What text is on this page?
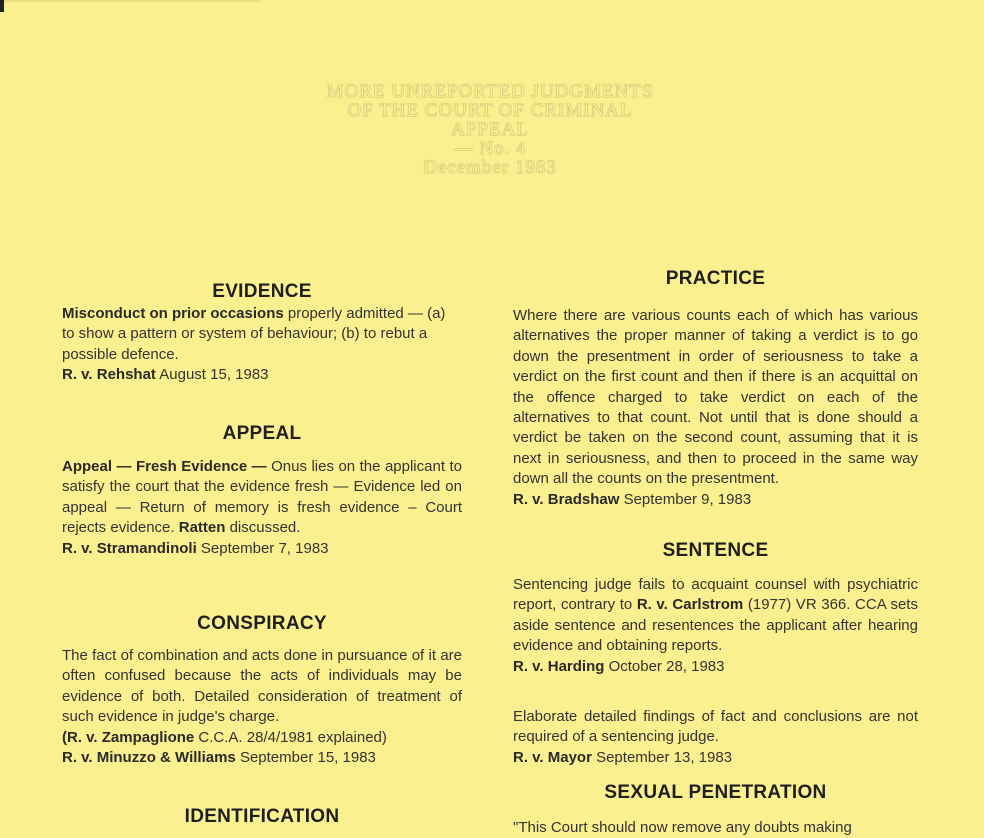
MORE UNREPORTED JUDGMENTS
OF THE COURT OF CRIMINAL
APPEAL
— No. 4
December 1983
EVIDENCE
Misconduct on prior occasions properly admitted — (a) to show a pattern or system of behaviour; (b) to rebut a possible defence.
R. v. Rehshat August 15, 1983
APPEAL
Appeal — Fresh Evidence — Onus lies on the applicant to satisfy the court that the evidence fresh — Evidence led on appeal — Return of memory is fresh evidence – Court rejects evidence. Ratten discussed.
R. v. Stramandinoli September 7, 1983
CONSPIRACY
The fact of combination and acts done in pursuance of it are often confused because the acts of individuals may be evidence of both. Detailed consideration of treatment of such evidence in judge's charge.
(R. v. Zampaglione C.C.A. 28/4/1981 explained)
R. v. Minuzzo & Williams September 15, 1983
IDENTIFICATION
PRACTICE
Where there are various counts each of which has various alternatives the proper manner of taking a verdict is to go down the presentment in order of seriousness to take a verdict on the first count and then if there is an acquittal on the offence charged to take verdict on each of the alternatives to that count. Not until that is done should a verdict be taken on the second count, assuming that it is next in seriousness, and then to proceed in the same way down all the counts on the presentment.
R. v. Bradshaw September 9, 1983
SENTENCE
Sentencing judge fails to acquaint counsel with psychiatric report, contrary to R. v. Carlstrom (1977) VR 366. CCA sets aside sentence and resentences the applicant after hearing evidence and obtaining reports.
R. v. Harding October 28, 1983
Elaborate detailed findings of fact and conclusions are not required of a sentencing judge.
R. v. Mayor September 13, 1983
SEXUAL PENETRATION
"This Court should now remove any doubts making
